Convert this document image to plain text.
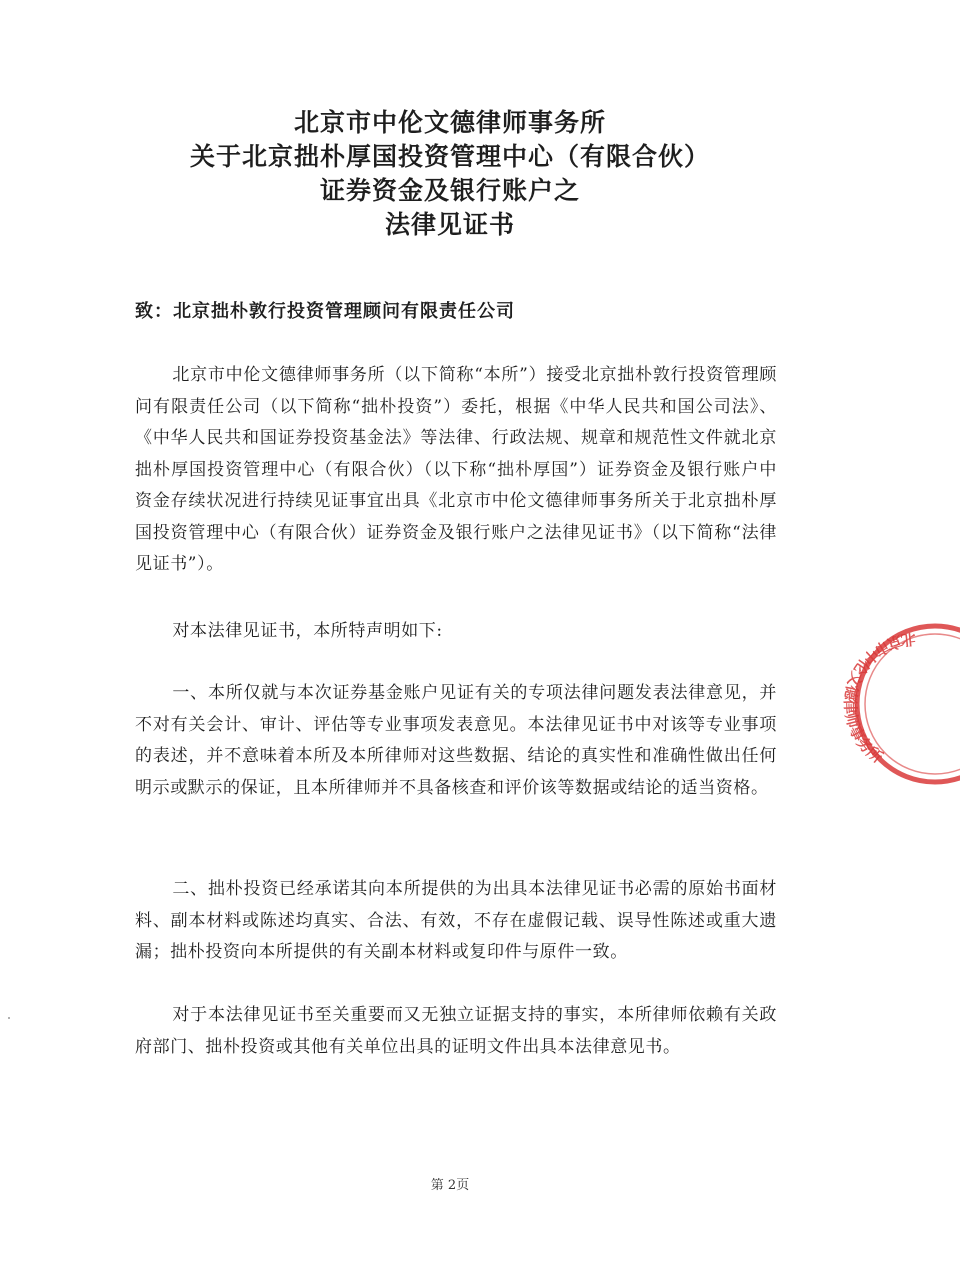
北京市中伦文德律师事务所
关于北京拙朴厚国投资管理中心（有限合伙）
证券资金及银行账户之
法律见证书
致：北京拙朴敦行投资管理顾问有限责任公司

北京市中伦文德律师事务所（以下简称“本所”）接受北京拙朴敦行投资管理顾问有限责任公司（以下简称“拙朴投资”）委托，根据《中华人民共和国公司法》、《中华人民共和国证券投资基金法》等法律、行政法规、规章和规范性文件就北京拙朴厚国投资管理中心（有限合伙）（以下称“拙朴厚国”）证券资金及银行账户中资金存续状况进行持续见证事宜出具《北京市中伦文德律师事务所关于北京拙朴厚国投资管理中心（有限合伙）证券资金及银行账户之法律见证书》（以下简称“法律见证书”）。

对本法律见证书，本所特声明如下:

一、本所仅就与本次证券基金账户见证有关的专项法律问题发表法律意见，并不对有关会计、审计、评估等专业事项发表意见。本法律见证书中对该等专业事项的表述，并不意味着本所及本所律师对这些数据、结论的真实性和准确性做出任何明示或默示的保证，且本所律师并不具备核查和评价该等数据或结论的适当资格。

二、拙朴投资已经承诺其向本所提供的为出具本法律见证书必需的原始书面材料、副本材料或陈述均真实、合法、有效，不存在虚假记载、误导性陈述或重大遗漏；拙朴投资向本所提供的有关副本材料或复印件与原件一致。

对于本法律见证书至关重要而又无独立证据支持的事实，本所律师依赖有关政府部门、拙朴投资或其他有关单位出具的证明文件出具本法律意见书。

第 2页
北京市中伦文德律师事务所
